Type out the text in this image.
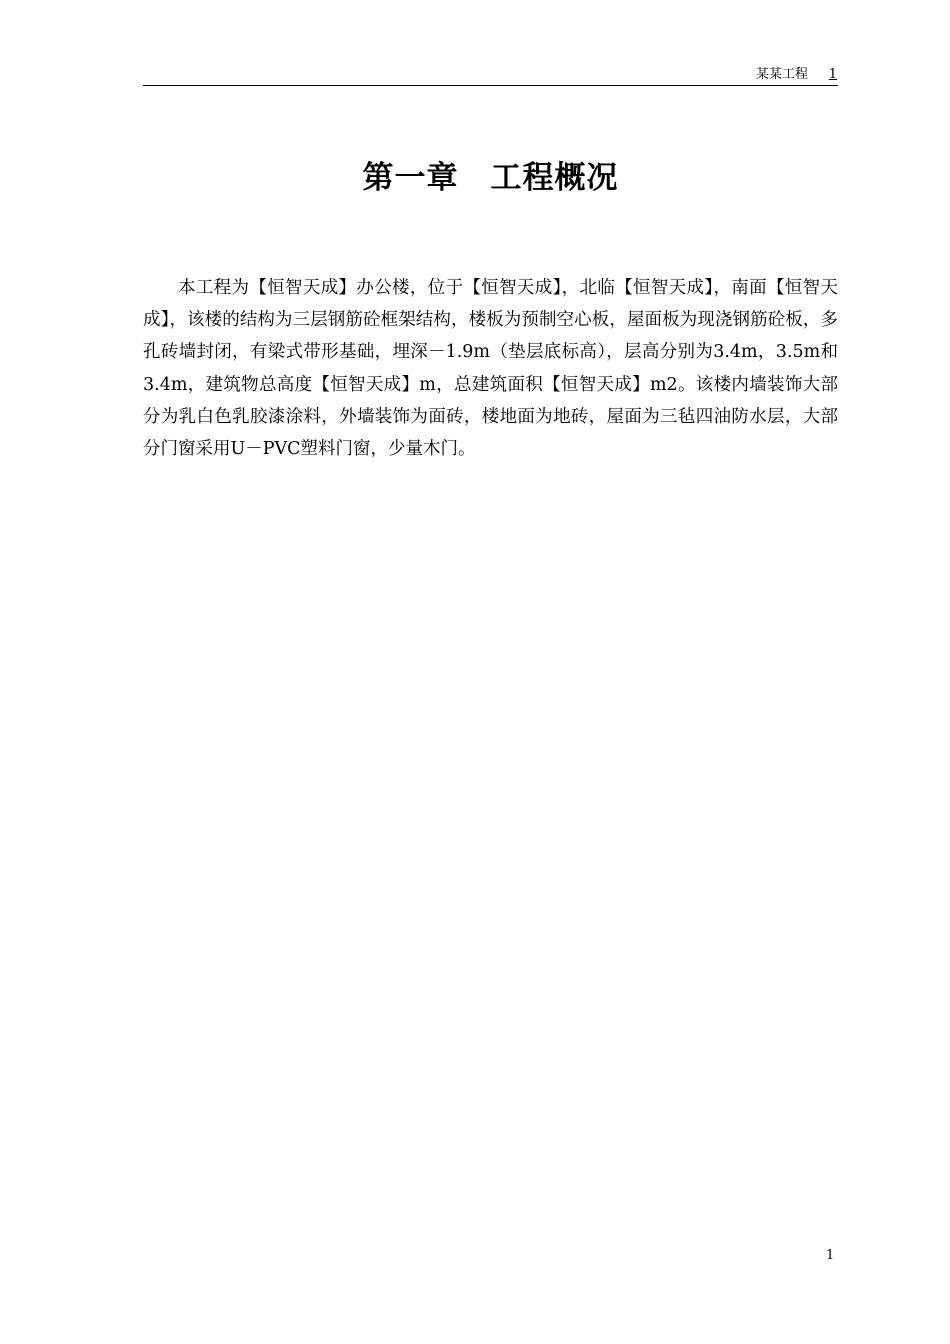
某某工程 1
第一章　工程概况

本工程为【恒智天成】办公楼，位于【恒智天成】，北临【恒智天成】，南面【恒智天成】，该楼的结构为三层钢筋砼框架结构，楼板为预制空心板，屋面板为现浇钢筋砼板，多孔砖墙封闭，有梁式带形基础，埋深－1.9m（垫层底标高），层高分别为3.4m，3.5m和3.4m，建筑物总高度【恒智天成】m，总建筑面积【恒智天成】m2。该楼内墙装饰大部分为乳白色乳胶漆涂料，外墙装饰为面砖，楼地面为地砖，屋面为三毡四油防水层，大部分门窗采用U－PVC塑料门窗，少量木门。

1
